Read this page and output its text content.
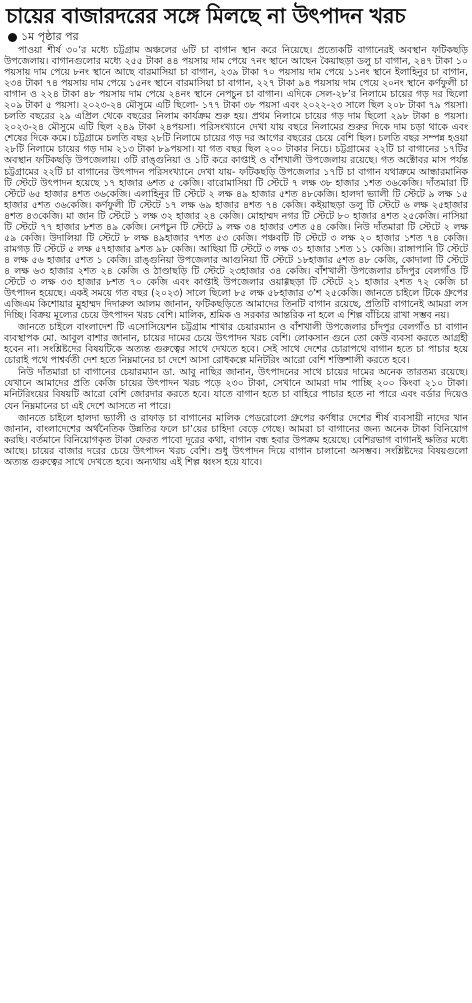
চায়ের বাজারদরের সঙ্গে মিলছে না উৎপাদন খরচ
১ম পৃষ্ঠার পর

পাওয়া শীর্ষ ৩০’র মধ্যে চট্টগ্রাম অঞ্চলের ৬টি চা বাগান স্থান করে নিয়েছে। প্রত্যেকটি বাগানেরই অবস্থান ফটিকছড়ি উপজেলায়। বাগানগুলোর মধ্যে ২৫৫ টাকা ৪৪ পয়সায় দাম পেয়ে ৭নং স্থানে আছেন কৈয়াছড়া ডলু চা বাগান, ২৪৭ টাকা ১০ পয়সায় দাম পেয়ে ৮নং স্থানে আছে বারমাসিয়া চা বাগান, ২৩৯ টাকা ৭০ পয়সায় দাম পেয়ে ১১নং স্থানে ইলাহিনুর চা বাগান, ২৩৪ টাকা ৭৪ পয়সায় দাম পেয়ে ১৫নং স্থানে বারমাসিয়া চা বাগান, ২২৭ টাকা ৯৪ পয়সায় দাম পেয়ে ২০নং স্থানে কর্ণফুলী চা বাগান ও ২২৪ টাকা ৪৮ পয়সায় দাম পেয়ে ২৪নং স্থানে নেপচুন চা বাগান। এদিকে সেল-২৮’র নিলামে চায়ের গড় দর ছিলো ২০৯ টাকা ৫ পয়সা। ২০২৩-২৪ মৌসুমে এটি ছিলো- ১৭৭ টাকা ৩৮ পয়সা এবং ২০২২-২৩ সালে ছিল ২০৮ টাকা ৭৯ পয়সা। চলতি বছরের ২৯ এপ্রিল থেকে বছরের নিলাম কার্যক্রম শুরু হয়। প্রথম নিলামে চায়ের গড় দাম ছিলো ২৯৮ টাকা ৪ পয়সা। ২০২৩-২৪ মৌসুমে এটি ছিল ২৪৯ টাকা ২৪পয়সা। পরিসংখ্যানে দেখা যায় বছরে নিলামের শুরুর দিকে দাম চড়া থাকে এবং শেষের দিকে কমে। চট্টগ্রামে চলতি বছর ২৮টি নিলামে চায়ের গড় দর আগের বছরের চেয়ে বেশি ছিল। চলতি বছর সম্পন্ন হওয়া ২৮টি নিলামে চায়ের গড় দাম ২১৩ টাকা ৮৯পয়সা। যা গত বছর ছিল ২০০ টাকার নিচে। চট্টগ্রামের ২২টি চা বাগানের ১৭টির অবস্থান ফটিকছড়ি উপজেলায়। ৩টি রাঙ্গুনিয়া ও ১টি করে কাপ্তাই ও বাঁশখালী উপজেলায় রয়েছে। গত অক্টোবর মাস পর্যন্ত চট্টগ্রামের ২২টি চা বাগানের উৎপাদন পরিসংখ্যানে দেখা যায়- ফটিকছড়ি উপজেলার ১৭টি চা বাগান যথাক্রমে আন্ধারমানিক টি স্টেটে উৎপাদন হয়েছে ১৭ হাজার ৬শত ৫ কেজি। বারোমাসিয়া টি স্টেটে ৭ লক্ষ ৩৮ হাজার ১শত ৩৬কেজি। দাঁতমারা টি স্টেটে ৬৫ হাজার ৪শত ৩৬কেজি। এলাহিনুর টি স্টেটে ২ লক্ষ ৪৯ হাজার ৫শত ৪৮কেজি। হালদা ভ্যালী টি স্টেটে ৯ লক্ষ ১৫ হাজার ৫শত ৩৬কেজি। কর্ণফুলী টি স্টেটে ১৭ লক্ষ ৬৯ হাজার ৪শত ৭৪ কেজি। কইয়াছড়া ডলু টি স্টেটে ৬ লক্ষ ২৫হাজার ৪শত ৪৩কেজি। মা জান টি স্টেটে ১ লক্ষ ৩২ হাজার ২৪ কেজি। মোহাম্মদ নগর টি স্টেটে ৮০ হাজার ৪শত ২৫কেজি। নাসিয়া টি স্টেটে ৭৭ হাজার ৮শত ৪৯ কেজি। নেপচুন টি স্টেটে ৯ লক্ষ ৩৪ হাজার ৩শত ৫৪ কেজি। নিউ দাঁতমারা টি স্টেটে ২ লক্ষ ৫৯ কেজি। উদালিয়া টি স্টেটে ৮ লক্ষ ৪৯হাজার ৭শত ৫৩ কেজি। পঞ্চবটি টি স্টেটে ৩ লক্ষ ২০ হাজার ১শত ৭৪ কেজি। রামগড় টি স্টেটে ৫ লক্ষ ৫৭হাজার ৯শত ৯৮ কেজি। আছিয়া টি স্টেটে ৩ লক্ষ ৩১ হাজার ১শত ১১ কেজি। রাঙ্গাপানি টি স্টেটে ৪ লক্ষ ৫৬ হাজার ৫শত ১ কেজি। রাঙ্গুনিয়া উপজেলার আগুনিয়া টি স্টেটে ১৮হাজার ৫শত ৪৮ কেজি, কোদালা টি স্টেটে ৪ লক্ষ ৬৩ হাজার ২শত ২৪ কেজি ও ঠাণ্ডাছড়ি টি স্টেটে ২৩হাজার ৩৪ কেজি। বাঁশখালী উপজেলার চাঁদপুর বেলগাঁও টি স্টেটে ৩ লক্ষ ৩৩ হাজার ৮শত ৭০ কেজি এবং কাপ্তাই উপজেলার ওয়াগ্গছড়া টি স্টেটে ২১ হাজার ২শত ৭২ কেজি চা উৎপাদন হয়েছে। একই সময়ে গত বছর (২০২৩) সালে ছিলো ৮৫ লক্ষ ৫৮হাজার ৩’শ ২৫কেজি। জানতে চাইলে টিকে গ্রুপের এজিএম কিশোয়ার মুহাম্মদ দিদারুল আলম জানান, ফটিকছড়িতে আমাদের তিনটি বাগান রয়েছে, প্রতিটি বাগানেই আমরা লস দিচ্ছি। বিক্রয় মূল্যের চেয়ে উৎপাদন খরচ বেশি। মালিক, শ্রমিক ও সরকার আন্তরিক না হলে এ শিল্প বাঁচিয়ে রাখা সম্ভব নয়।

জানতে চাইলে বাংলাদেশ টি এসোসিয়েশন চট্টগ্রাম শাখার চেয়ারম্যান ও বাঁশখালী উপজেলার চাঁদপুর বেলগাঁও চা বাগান ব্যবস্থাপক মো. আবুল বাশার জানান, চায়ের দামের চেয়ে উৎপাদন খরচ বেশি। লোকসান গুনে তো কেউ ব্যবসা করতে আগ্রহী হবেন না। সংশ্লিষ্টদের বিষয়টিকে অত্যন্ত গুরুত্বের সাথে দেখতে হবে। সেই সাথে দেশের চোরাপথে বাগান হতে চা পাচার হয়ে চোরাই পথে পাশ্বর্বতী দেশ হতে নিম্নমানের চা দেশে আসা রোধকল্পে মনিটরিং আরো বেশি শক্তিশালী করতে হবে।

নিউ দাঁতমারা চা বাগানের চেয়ারম্যান ডা. আবু নাছির জানান, উৎপাদনের সাথে চায়ের দামের অনেক তারতম্য রয়েছে। যেখানে আমাদের প্রতি কেজি চায়ের উৎপাদন খরচ পড়ে ২৩০ টাকা, সেখানে আমরা দাম পাচ্ছি ২০০ কিংবা ২১০ টাকা। মনিটরিংয়ের বিষয়টি আরো বেশি জোরদার করতে হবে। যাতে বাগান হতে চা বাহিরে পাচার হতে না পারে এবং বর্ডার দিয়েও যেন নিম্নমানের চা এই দেশে আসতে না পারে।

জানতে চাইলে হালদা ভ্যালী ও রাফাড় চা বাগানের মালিক পেডরোলো গ্রুপের কর্ণধার দেশের শীর্ষ ব্যবসায়ী নাদের খান জানান, বাংলাদেশের অর্থনৈতিক উন্নতির ফলে চা’য়ের চাহিদা বেড়ে গেছে। আমরা চা বাগানের জন্য অনেক টাকা বিনিয়োগ করছি। বর্তমানে বিনিয়োগকৃত টাকা ফেরত পাবো দূরের কথা, বাগান বন্ধ হবার উপক্রম হয়েছে। বেশিরভাগ বাগানই ক্ষতির মধ্যে আছে। চায়ের বাজার দরের চেয়ে উৎপাদন খরচ বেশি। শুধু উৎপাদন দিয়ে বাগান চালানো অসম্ভব। সংশ্লিষ্টদের বিষয়গুলো অত্যন্ত গুরুত্বের সাথে দেখতে হবে। অন্যথায় এই শিল্প ধ্বংস হয়ে যাবে।
